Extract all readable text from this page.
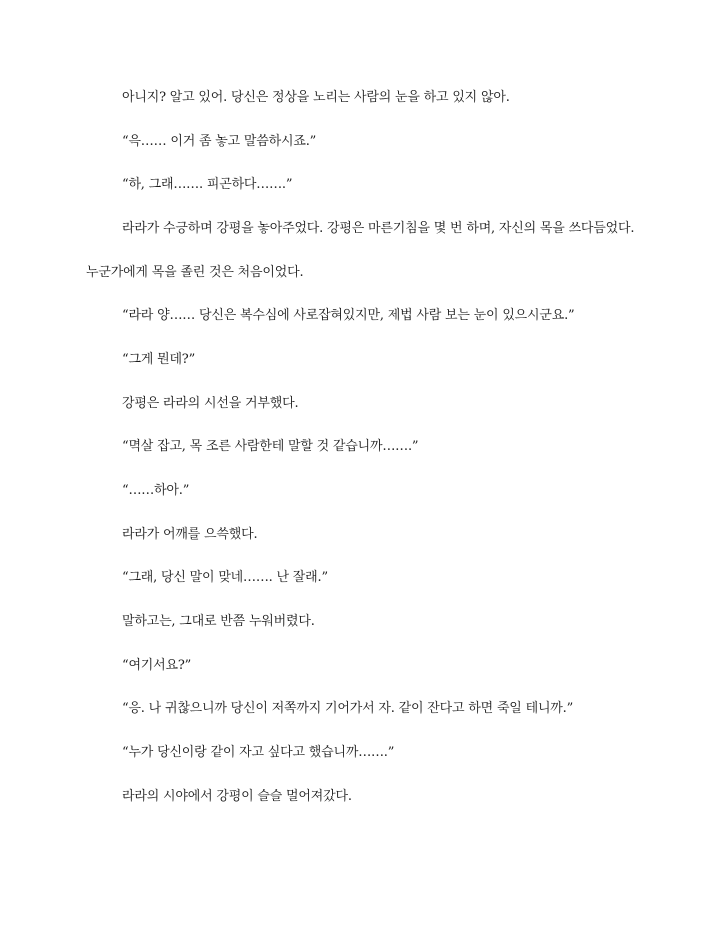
아니지? 알고 있어. 당신은 정상을 노리는 사람의 눈을 하고 있지 않아.
“윽…… 이거 좀 놓고 말씀하시죠.”
“하, 그래……. 피곤하다…….”
라라가 수긍하며 강평을 놓아주었다. 강평은 마른기침을 몇 번 하며, 자신의 목을 쓰다듬었다.
누군가에게 목을 졸린 것은 처음이었다.
“라라 양…… 당신은 복수심에 사로잡혀있지만, 제법 사람 보는 눈이 있으시군요.”
“그게 뭔데?”
강평은 라라의 시선을 거부했다.
“멱살 잡고, 목 조른 사람한테 말할 것 같습니까…….”
“……하아.”
라라가 어깨를 으쓱했다.
“그래, 당신 말이 맞네……. 난 잘래.”
말하고는, 그대로 반쯤 누워버렸다.
“여기서요?”
“응. 나 귀찮으니까 당신이 저쪽까지 기어가서 자. 같이 잔다고 하면 죽일 테니까.”
“누가 당신이랑 같이 자고 싶다고 했습니까…….”
라라의 시야에서 강평이 슬슬 멀어져갔다.
